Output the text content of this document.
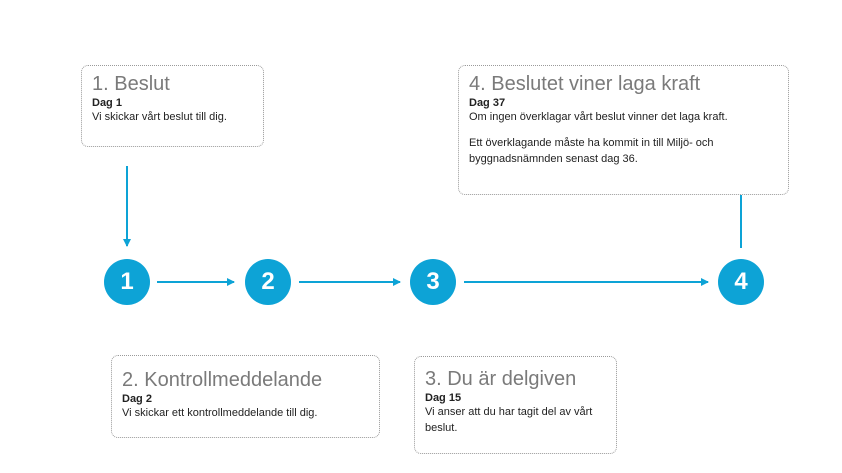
1	2	3	4

1. Beslut

Dag 1

Vi skickar vårt beslut till dig.

4. Beslutet viner laga kraft

Dag 37

Om ingen överklagar vårt beslut vinner det laga kraft.

Ett överklagande måste ha kommit in till Miljö- och byggnadsnämnden senast dag 36.

2. Kontrollmeddelande

Dag 2

Vi skickar ett kontrollmeddelande till dig.

3. Du är delgiven

Dag 15

Vi anser att du har tagit del av vårt beslut.
